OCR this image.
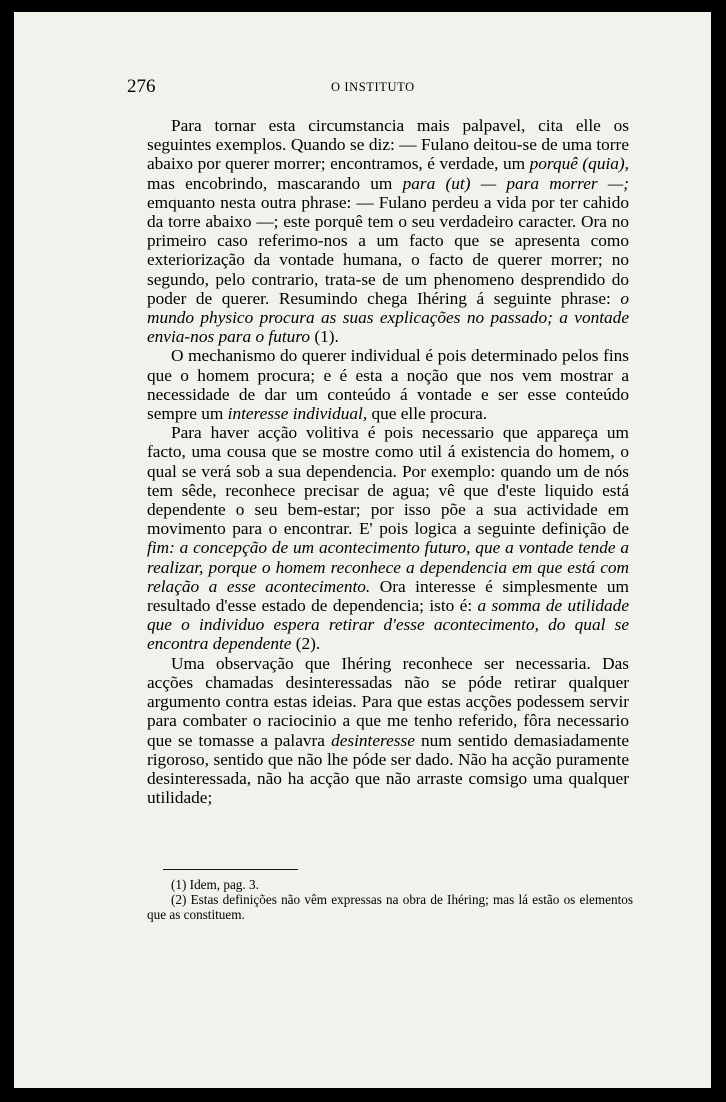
276	O INSTITUTO

Para tornar esta circumstancia mais palpavel, cita elle os seguintes exemplos. Quando se diz: — Fulano deitou-se de uma torre abaixo por querer morrer; encontramos, é verdade, um porquê (quia), mas encobrindo, mascarando um para (ut) — para morrer —; emquanto nesta outra phrase: — Fulano perdeu a vida por ter cahido da torre abaixo —; este porquê tem o seu verdadeiro caracter. Ora no primeiro caso referimo-nos a um facto que se apresenta como exteriorização da vontade humana, o facto de querer morrer; no segundo, pelo contrario, trata-se de um phenomeno desprendido do poder de querer. Resumindo chega Ihéring á seguinte phrase: o mundo physico procura as suas explicações no passado; a vontade envia-nos para o futuro (1).

O mechanismo do querer individual é pois determinado pelos fins que o homem procura; e é esta a noção que nos vem mostrar a necessidade de dar um conteúdo á vontade e ser esse conteúdo sempre um interesse individual, que elle procura.

Para haver acção volitiva é pois necessario que appareça um facto, uma cousa que se mostre como util á existencia do homem, o qual se verá sob a sua dependencia. Por exemplo: quando um de nós tem sêde, reconhece precisar de agua; vê que d'este liquido está dependente o seu bem-estar; por isso põe a sua actividade em movimento para o encontrar. E' pois logica a seguinte definição de fim: a concepção de um acontecimento futuro, que a vontade tende a realizar, porque o homem reconhece a dependencia em que está com relação a esse acontecimento. Ora interesse é simplesmente um resultado d'esse estado de dependencia; isto é: a somma de utilidade que o individuo espera retirar d'esse acontecimento, do qual se encontra dependente (2).

Uma observação que Ihéring reconhece ser necessaria. Das acções chamadas desinteressadas não se póde retirar qualquer argumento contra estas ideias. Para que estas acções podessem servir para combater o raciocinio a que me tenho referido, fôra necessario que se tomasse a palavra desinteresse num sentido demasiadamente rigoroso, sentido que não lhe póde ser dado. Não ha acção puramente desinteressada, não ha acção que não arraste comsigo uma qualquer utilidade;

(1) Idem, pag. 3.

(2) Estas definições não vêm expressas na obra de Ihéring; mas lá estão os elementos que as constituem.
